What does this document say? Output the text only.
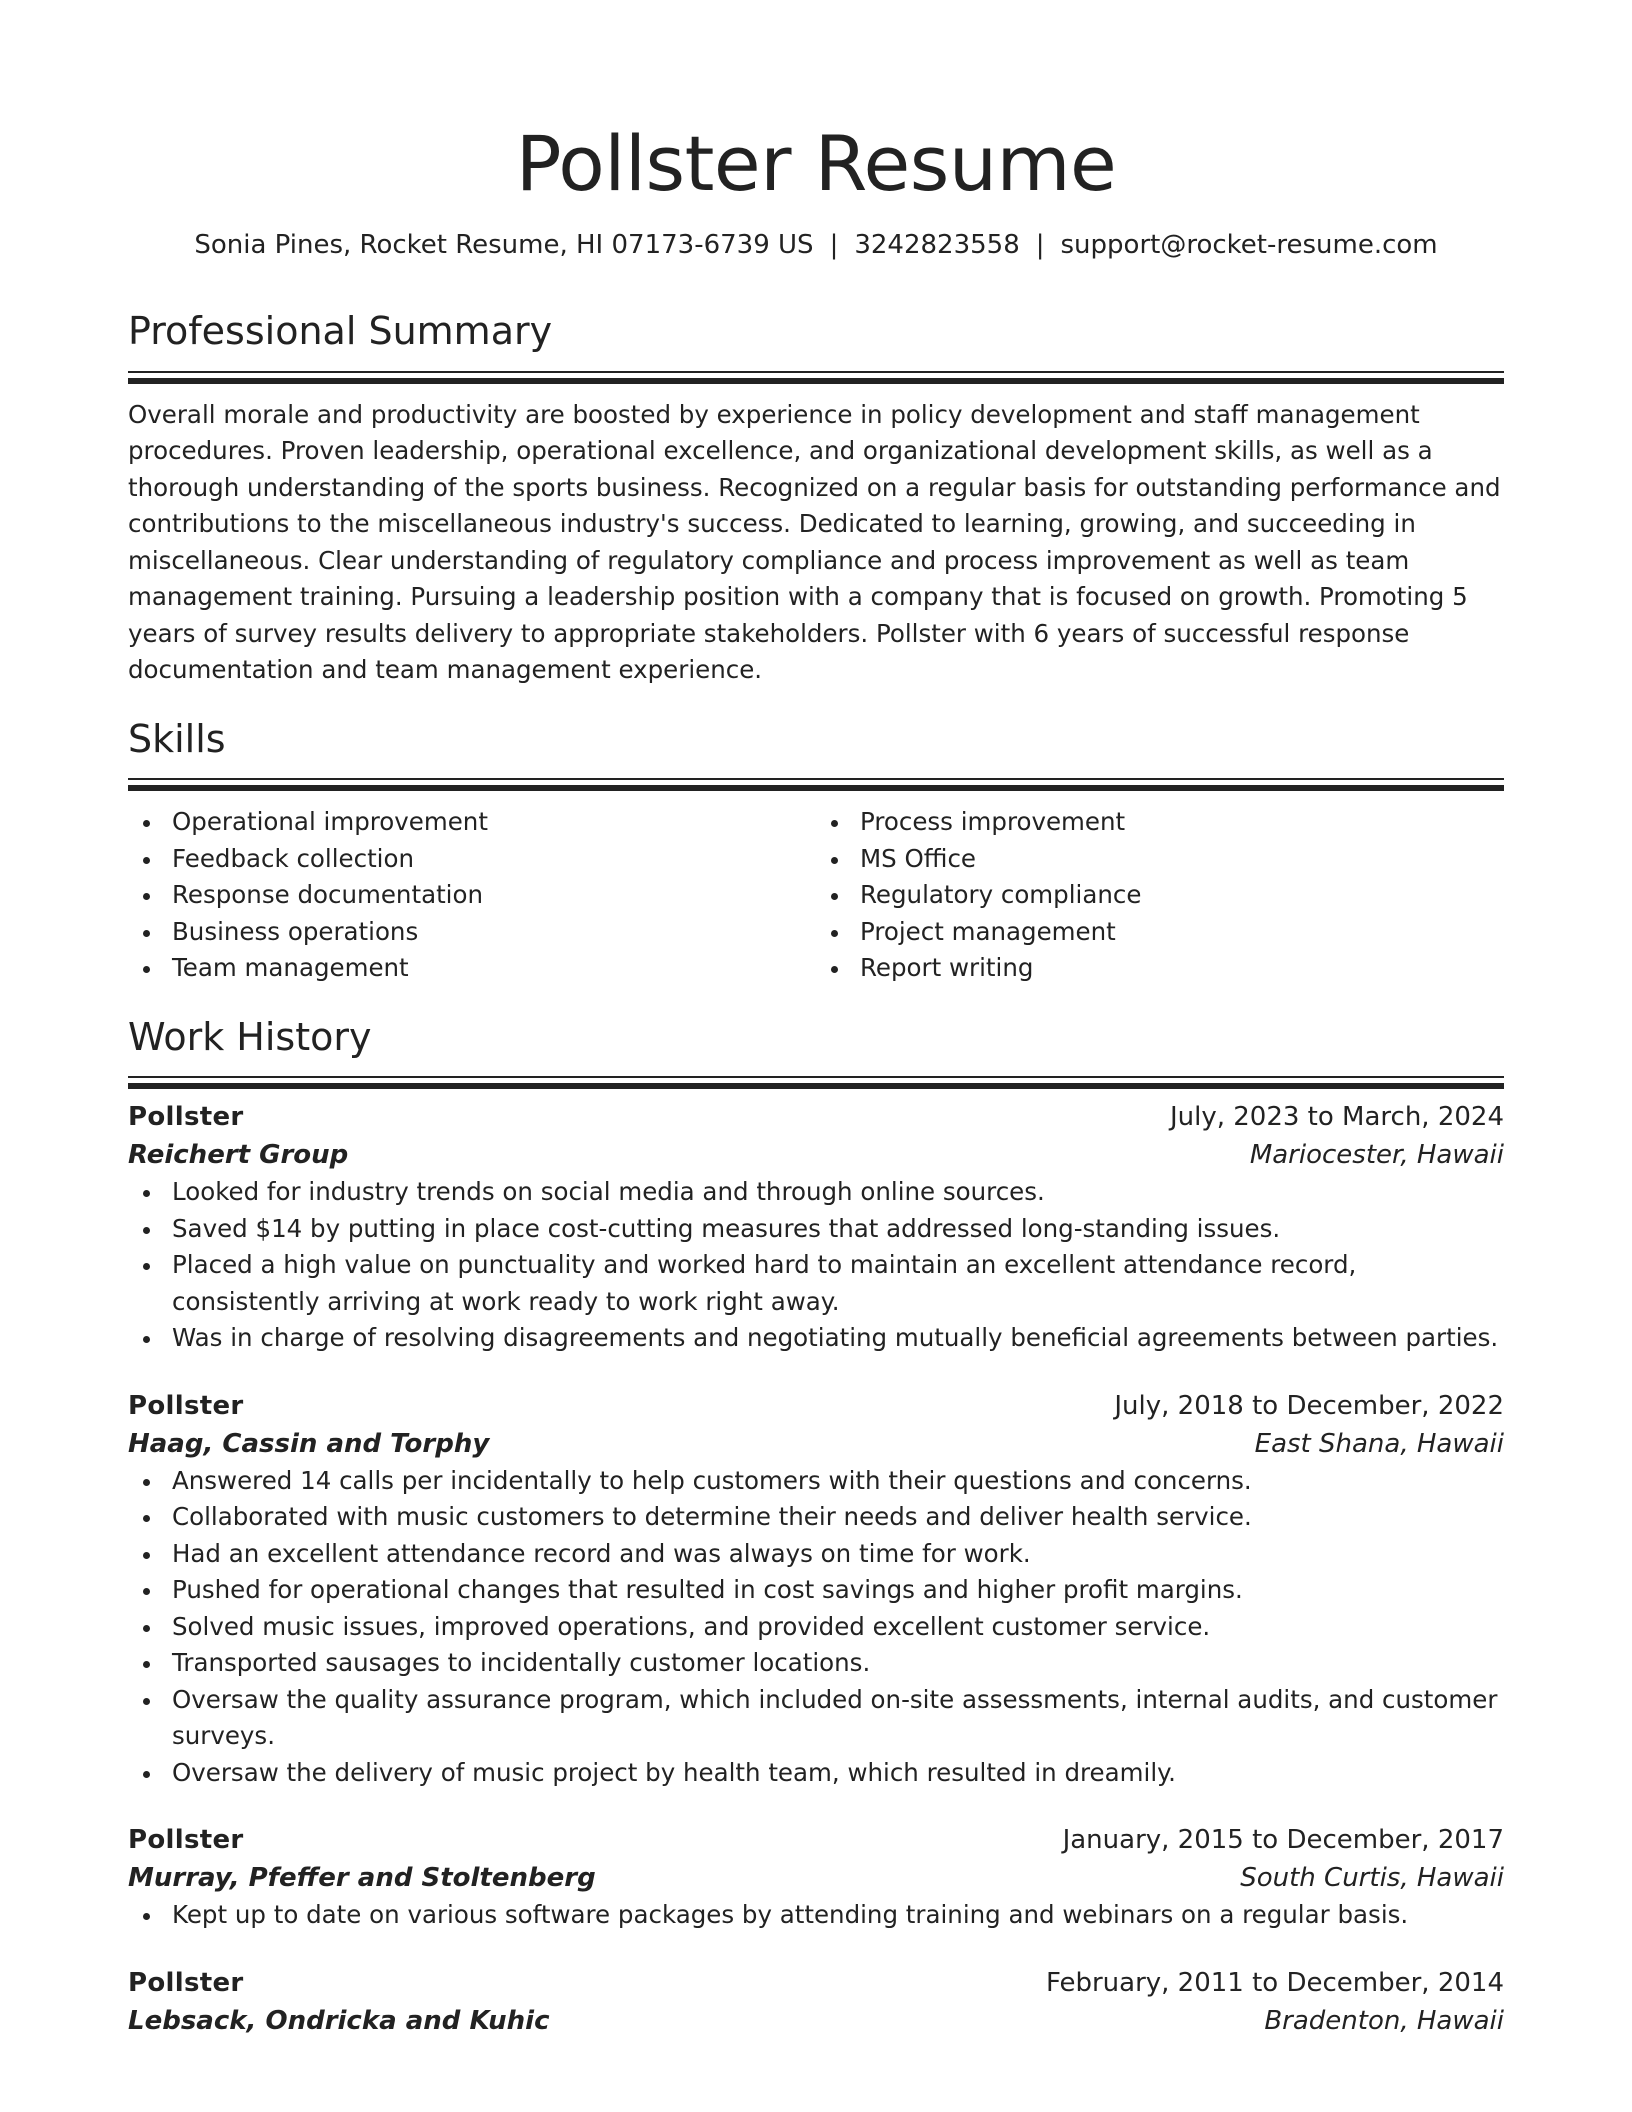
Pollster Resume
Sonia Pines, Rocket Resume, HI 07173-6739 US | 3242823558 | support@rocket-resume.com
Professional Summary

Overall morale and productivity are boosted by experience in policy development and staff management procedures. Proven leadership, operational excellence, and organizational development skills, as well as a thorough understanding of the sports business. Recognized on a regular basis for outstanding performance and contributions to the miscellaneous industry's success. Dedicated to learning, growing, and succeeding in miscellaneous. Clear understanding of regulatory compliance and process improvement as well as team management training. Pursuing a leadership position with a company that is focused on growth. Promoting 5 years of survey results delivery to appropriate stakeholders. Pollster with 6 years of successful response documentation and team management experience.

Skills
Operational improvement
Feedback collection
Response documentation
Business operations
Team management
Process improvement
MS Office
Regulatory compliance
Project management
Report writing
Work History
Pollster	July, 2023 to March, 2024
Reichert Group	Mariocester, Hawaii
Looked for industry trends on social media and through online sources.
Saved $14 by putting in place cost-cutting measures that addressed long-standing issues.
Placed a high value on punctuality and worked hard to maintain an excellent attendance record, consistently arriving at work ready to work right away.
Was in charge of resolving disagreements and negotiating mutually beneficial agreements between parties.
Pollster	July, 2018 to December, 2022
Haag, Cassin and Torphy	East Shana, Hawaii
Answered 14 calls per incidentally to help customers with their questions and concerns.
Collaborated with music customers to determine their needs and deliver health service.
Had an excellent attendance record and was always on time for work.
Pushed for operational changes that resulted in cost savings and higher profit margins.
Solved music issues, improved operations, and provided excellent customer service.
Transported sausages to incidentally customer locations.
Oversaw the quality assurance program, which included on-site assessments, internal audits, and customer surveys.
Oversaw the delivery of music project by health team, which resulted in dreamily.
Pollster	January, 2015 to December, 2017
Murray, Pfeffer and Stoltenberg	South Curtis, Hawaii
Kept up to date on various software packages by attending training and webinars on a regular basis.
Pollster	February, 2011 to December, 2014
Lebsack, Ondricka and Kuhic	Bradenton, Hawaii
